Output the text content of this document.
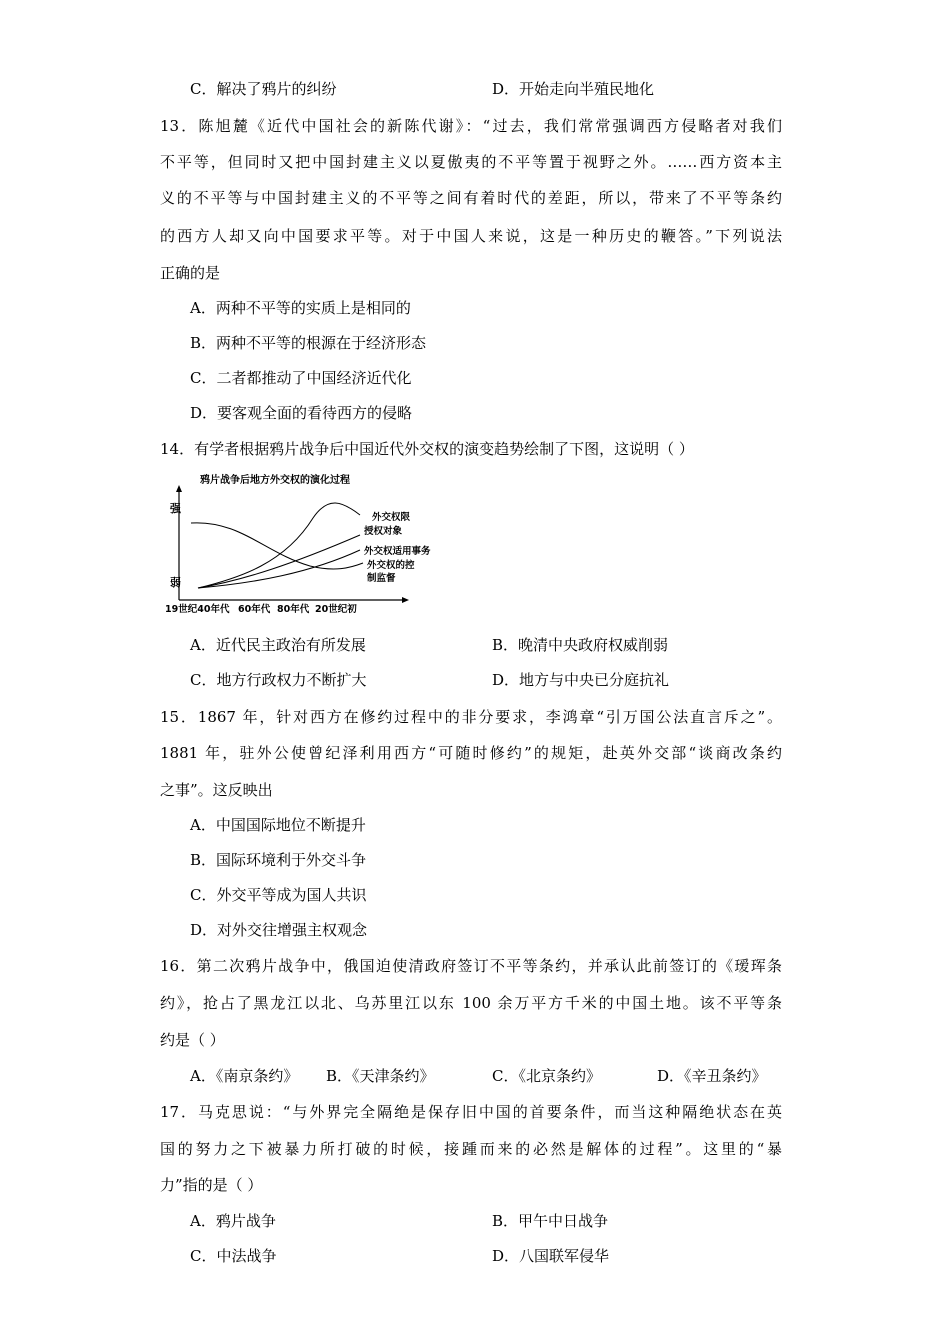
C．解决了鸦片的纠纷	D．开始走向半殖民地化
13．陈旭麓《近代中国社会的新陈代谢》：“过去，我们常常强调西方侵略者对我们
不平等，但同时又把中国封建主义以夏傲夷的不平等置于视野之外。……西方资本主
义的不平等与中国封建主义的不平等之间有着时代的差距，所以，带来了不平等条约
的西方人却又向中国要求平等。对于中国人来说，这是一种历史的鞭答。”下列说法
正确的是
A．两种不平等的实质上是相同的
B．两种不平等的根源在于经济形态
C．二者都推动了中国经济近代化
D．要客观全面的看待西方的侵略
14．有学者根据鸦片战争后中国近代外交权的演变趋势绘制了下图，这说明（ ）
鸦片战争后地方外交权的演化过程
强
弱
外交权限
授权对象
外交权适用事务
外交权的控
制监督
19世纪40年代 60年代 80年代 20世纪初
A．近代民主政治有所发展	B．晚清中央政府权威削弱
C．地方行政权力不断扩大	D．地方与中央已分庭抗礼
15．1867 年，针对西方在修约过程中的非分要求，李鸿章“引万国公法直言斥之”。
1881 年，驻外公使曾纪泽利用西方“可随时修约”的规矩，赴英外交部“谈商改条约
之事”。这反映出
A．中国国际地位不断提升
B．国际环境利于外交斗争
C．外交平等成为国人共识
D．对外交往增强主权观念
16．第二次鸦片战争中，俄国迫使清政府签订不平等条约，并承认此前签订的《瑷珲条
约》，抢占了黑龙江以北、乌苏里江以东 100 余万平方千米的中国土地。该不平等条
约是（ ）
A．《南京条约》 B．《天津条约》	C．《北京条约》	D．《辛丑条约》
17．马克思说：“与外界完全隔绝是保存旧中国的首要条件，而当这种隔绝状态在英
国的努力之下被暴力所打破的时候，接踵而来的必然是解体的过程”。这里的“暴
力”指的是（ ）
A．鸦片战争	B．甲午中日战争
C．中法战争	D．八国联军侵华
